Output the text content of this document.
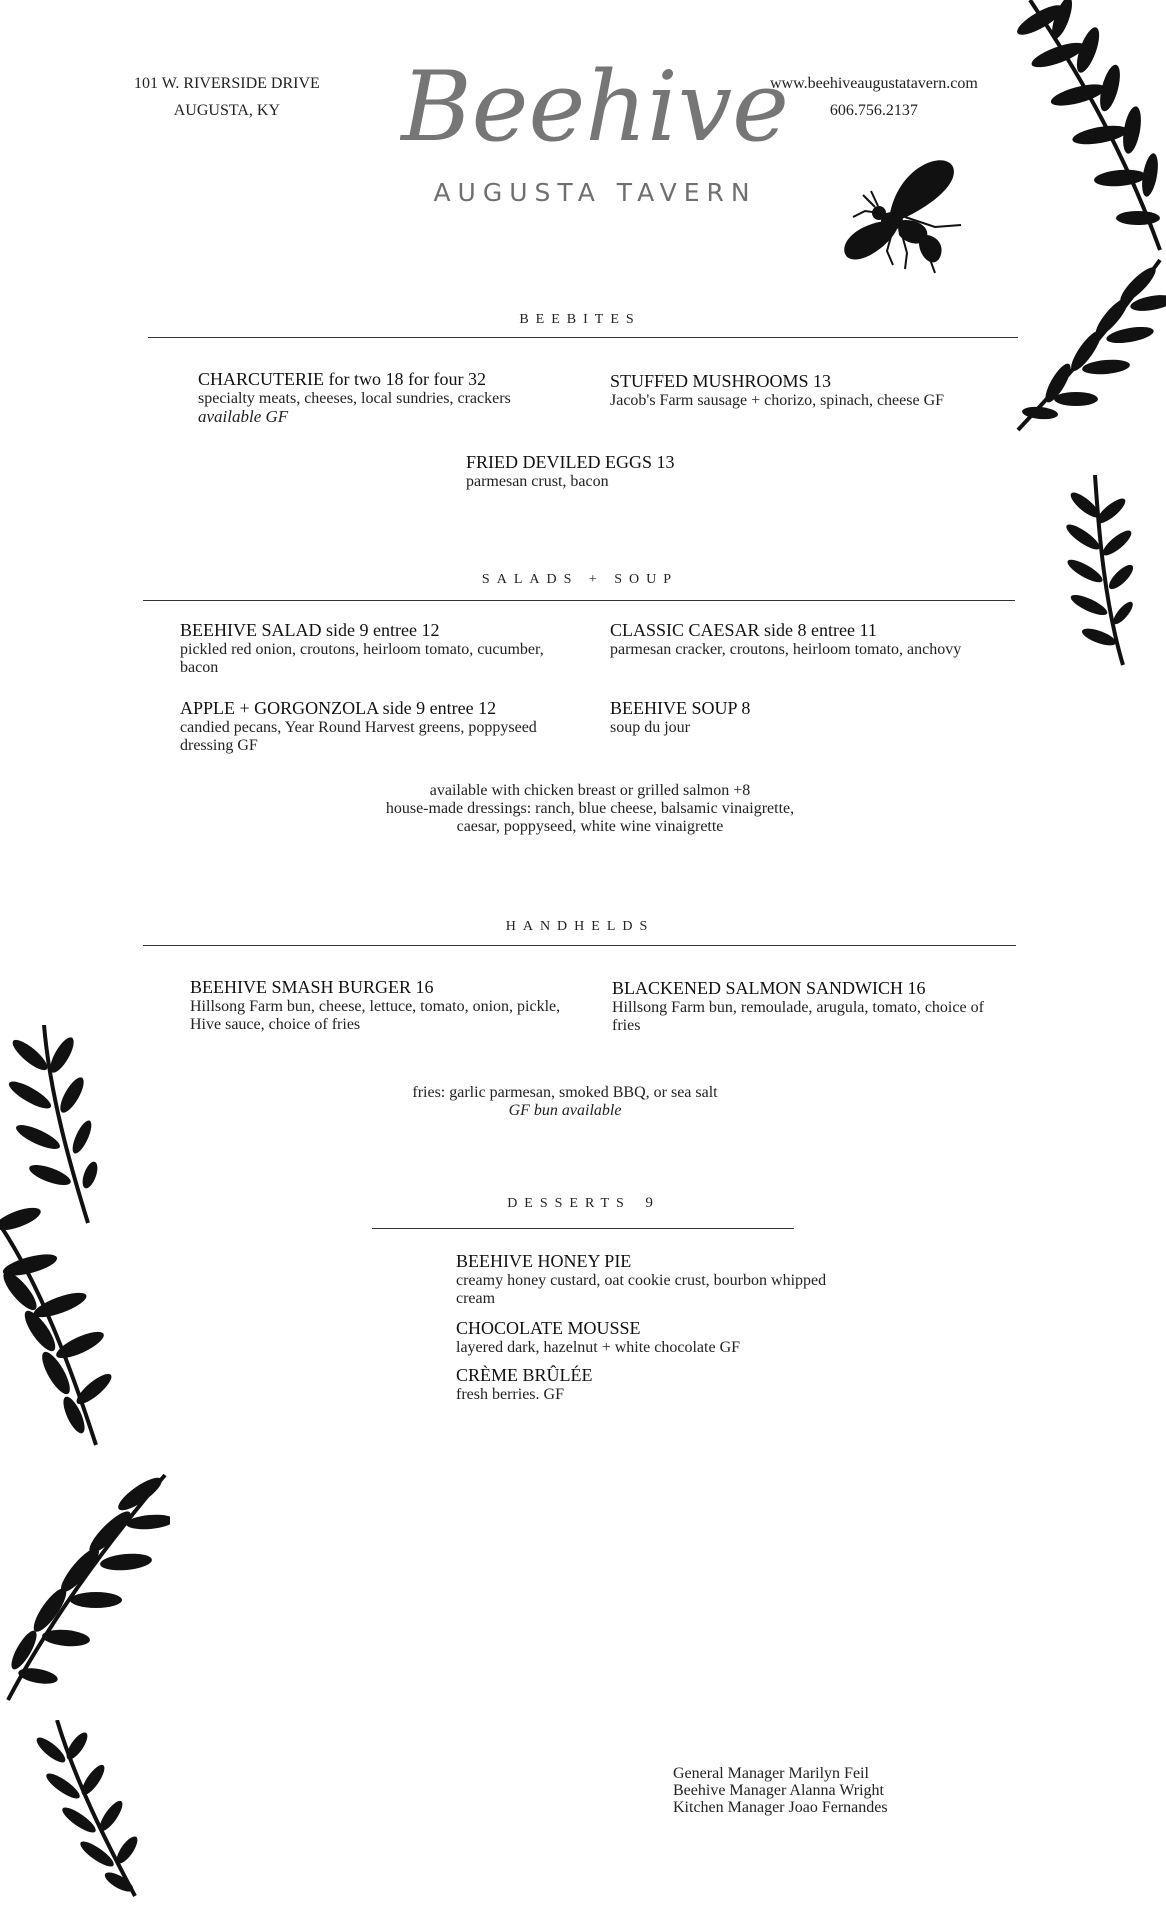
101 W. RIVERSIDE DRIVE
AUGUSTA, KY	Beehive
AUGUSTA TAVERN
www.beehiveaugustatavern.com
606.756.2137
BEEBITES
CHARCUTERIE for two 18 for four 32
specialty meats, cheeses, local sundries, crackers
available GF
STUFFED MUSHROOMS 13
Jacob's Farm sausage + chorizo, spinach, cheese GF
FRIED DEVILED EGGS 13
parmesan crust, bacon
SALADS + SOUP
BEEHIVE SALAD side 9 entree 12
pickled red onion, croutons, heirloom tomato, cucumber, bacon
CLASSIC CAESAR side 8 entree 11
parmesan cracker, croutons, heirloom tomato, anchovy
APPLE + GORGONZOLA side 9 entree 12
candied pecans, Year Round Harvest greens, poppyseed dressing GF
BEEHIVE SOUP 8
soup du jour
available with chicken breast or grilled salmon +8
house-made dressings: ranch, blue cheese, balsamic vinaigrette,
caesar, poppyseed, white wine vinaigrette
HANDHELDS
BEEHIVE SMASH BURGER 16
Hillsong Farm bun, cheese, lettuce, tomato, onion, pickle, Hive sauce, choice of fries
BLACKENED SALMON SANDWICH 16
Hillsong Farm bun, remoulade, arugula, tomato, choice of fries
fries: garlic parmesan, smoked BBQ, or sea salt
GF bun available
DESSERTS 9
BEEHIVE HONEY PIE
creamy honey custard, oat cookie crust, bourbon whipped cream
CHOCOLATE MOUSSE
layered dark, hazelnut + white chocolate GF
CRÈME BRÛLÉE
fresh berries. GF
General Manager Marilyn Feil
Beehive Manager Alanna Wright
Kitchen Manager Joao Fernandes
